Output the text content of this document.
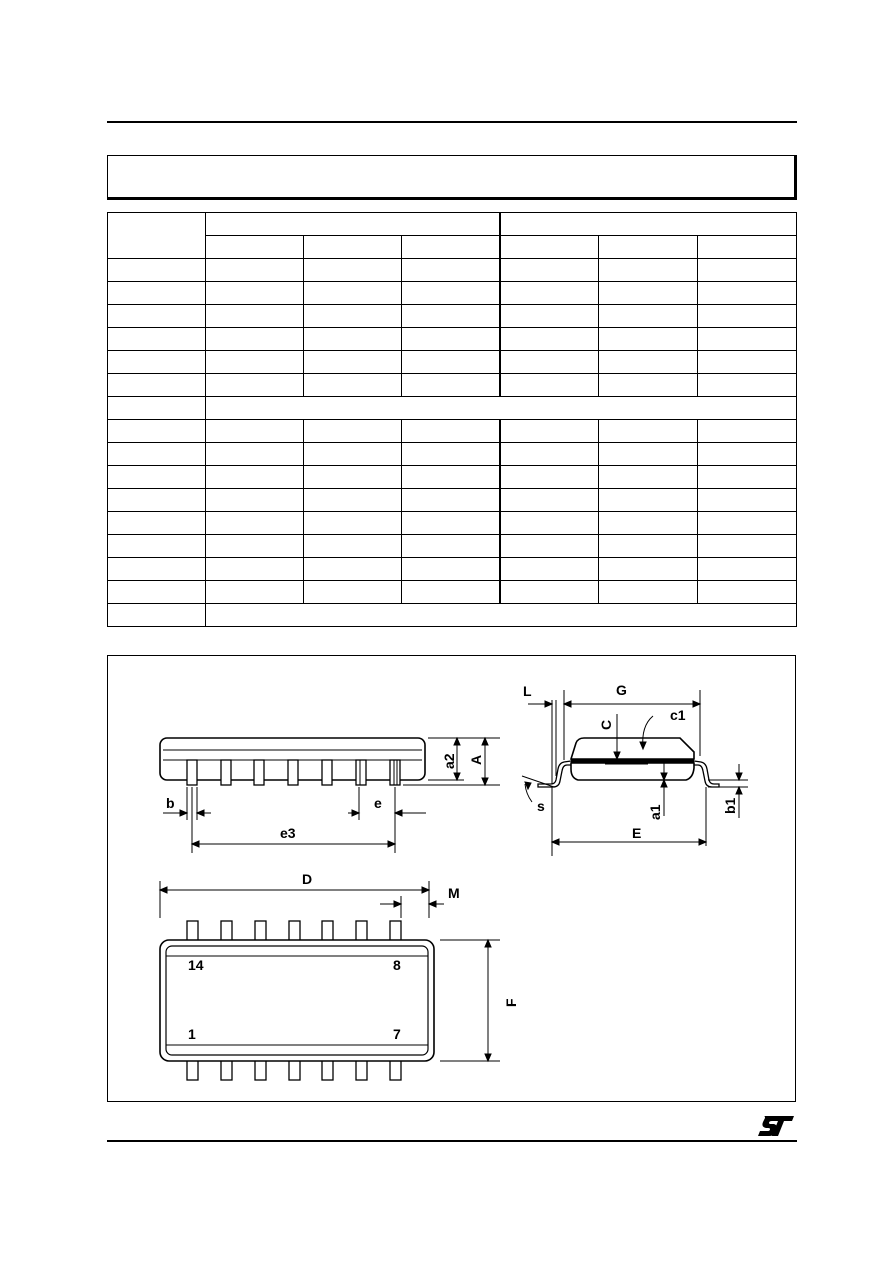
a2 A
b	e
e3
L	G
C
c1
s	a1
E
b1
14	8
1	7
D
M
F
